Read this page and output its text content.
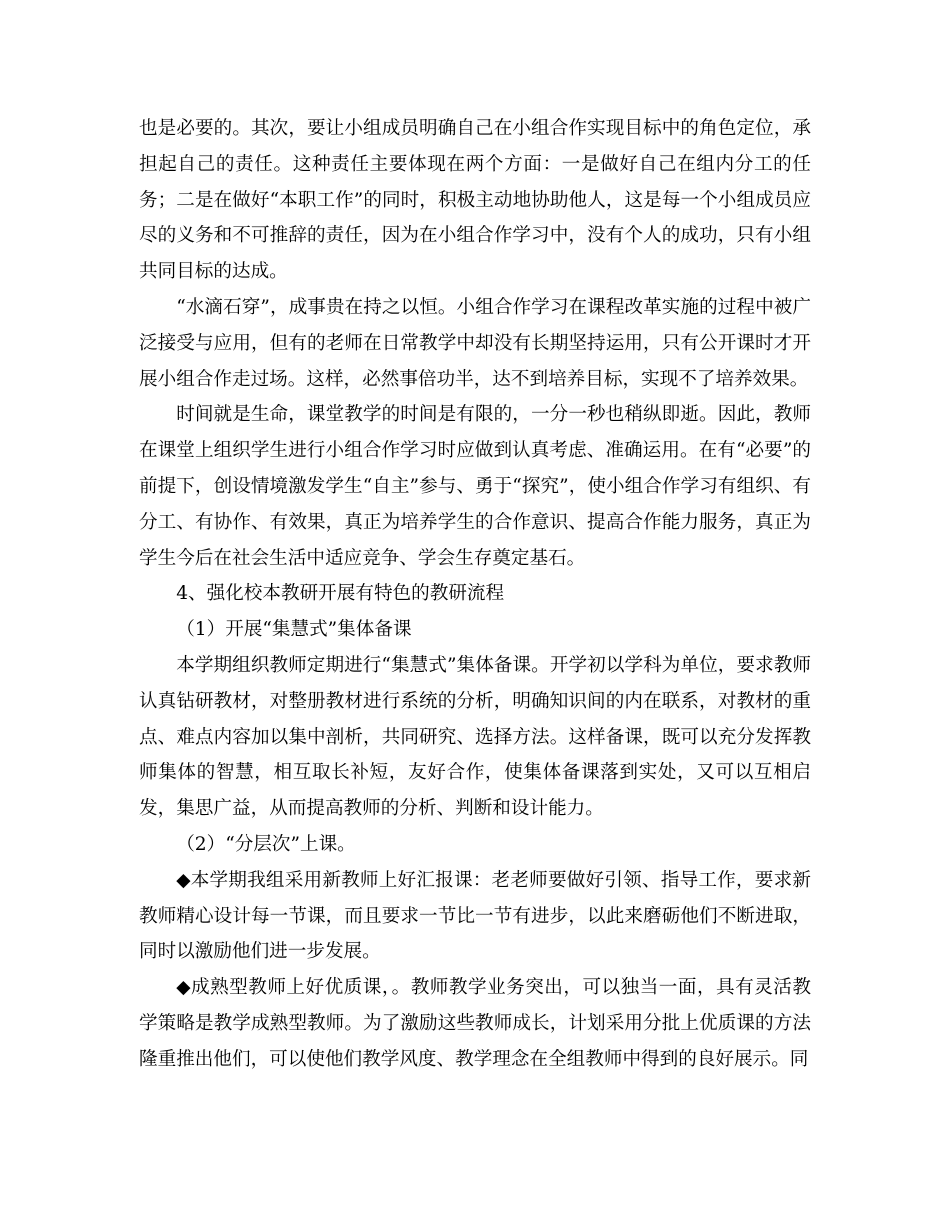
也是必要的。其次，要让小组成员明确自己在小组合作实现目标中的角色定位，承担起自己的责任。这种责任主要体现在两个方面：一是做好自己在组内分工的任务；二是在做好“本职工作”的同时，积极主动地协助他人，这是每一个小组成员应尽的义务和不可推辞的责任，因为在小组合作学习中，没有个人的成功，只有小组共同目标的达成。

“水滴石穿”，成事贵在持之以恒。小组合作学习在课程改革实施的过程中被广泛接受与应用，但有的老师在日常教学中却没有长期坚持运用，只有公开课时才开展小组合作走过场。这样，必然事倍功半，达不到培养目标，实现不了培养效果。

时间就是生命，课堂教学的时间是有限的，一分一秒也稍纵即逝。因此，教师在课堂上组织学生进行小组合作学习时应做到认真考虑、准确运用。在有“必要”的前提下，创设情境激发学生“自主”参与、勇于“探究”，使小组合作学习有组织、有分工、有协作、有效果，真正为培养学生的合作意识、提高合作能力服务，真正为学生今后在社会生活中适应竞争、学会生存奠定基石。

4、强化校本教研开展有特色的教研流程

（1）开展“集慧式”集体备课

本学期组织教师定期进行“集慧式”集体备课。开学初以学科为单位，要求教师认真钻研教材，对整册教材进行系统的分析，明确知识间的内在联系，对教材的重点、难点内容加以集中剖析，共同研究、选择方法。这样备课，既可以充分发挥教师集体的智慧，相互取长补短，友好合作，使集体备课落到实处，又可以互相启发，集思广益，从而提高教师的分析、判断和设计能力。

（2）“分层次”上课。

◆本学期我组采用新教师上好汇报课：老老师要做好引领、指导工作，要求新教师精心设计每一节课，而且要求一节比一节有进步，以此来磨砺他们不断进取，同时以激励他们进一步发展。

◆成熟型教师上好优质课，。教师教学业务突出，可以独当一面，具有灵活教学策略是教学成熟型教师。为了激励这些教师成长，计划采用分批上优质课的方法隆重推出他们，可以使他们教学风度、教学理念在全组教师中得到的良好展示。同
